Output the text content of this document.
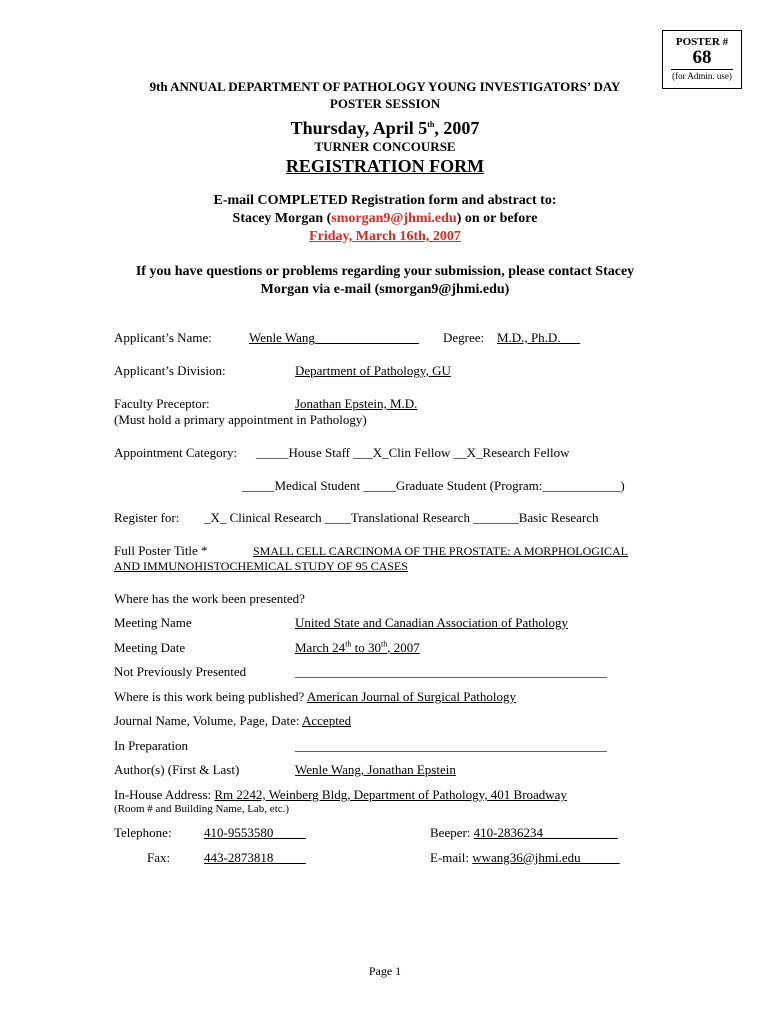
POSTER #
68
(for Admin. use)
9th ANNUAL DEPARTMENT OF PATHOLOGY YOUNG INVESTIGATORS’ DAY
POSTER SESSION
Thursday, April 5th, 2007
TURNER CONCOURSE
REGISTRATION FORM
E-mail COMPLETED Registration form and abstract to:
Stacey Morgan (smorgan9@jhmi.edu) on or before
Friday, March 16th, 2007
If you have questions or problems regarding your submission, please contact Stacey
Morgan via e-mail (smorgan9@jhmi.edu)
Applicant’s Name:	Wenle Wang________________ Degree: M.D., Ph.D.___
Applicant’s Division:	Department of Pathology, GU
Faculty Preceptor:	Jonathan Epstein, M.D.
(Must hold a primary appointment in Pathology)
Appointment Category: _____House Staff ___X_Clin Fellow __X_Research Fellow
_____Medical Student _____Graduate Student (Program:____________)
Register for: _X_ Clinical Research ____Translational Research _______Basic Research
Full Poster Title *	SMALL CELL CARCINOMA OF THE PROSTATE: A MORPHOLOGICAL
AND IMMUNOHISTOCHEMICAL STUDY OF 95 CASES
Where has the work been presented?
Meeting Name	United State and Canadian Association of Pathology
Meeting Date	March 24th to 30th, 2007
Not Previously Presented	________________________________________________
Where is this work being published? American Journal of Surgical Pathology
Journal Name, Volume, Page, Date: Accepted
In Preparation	________________________________________________
Author(s) (First & Last)	Wenle Wang, Jonathan Epstein
In-House Address: Rm 2242, Weinberg Bldg, Department of Pathology, 401 Broadway
(Room # and Building Name, Lab, etc.)
Telephone: 410-9553580_____	Beeper: 410-2836234 ___________
Fax:	443-2873818_____	E-mail: wwang36@jhmi.edu______
Page 1
